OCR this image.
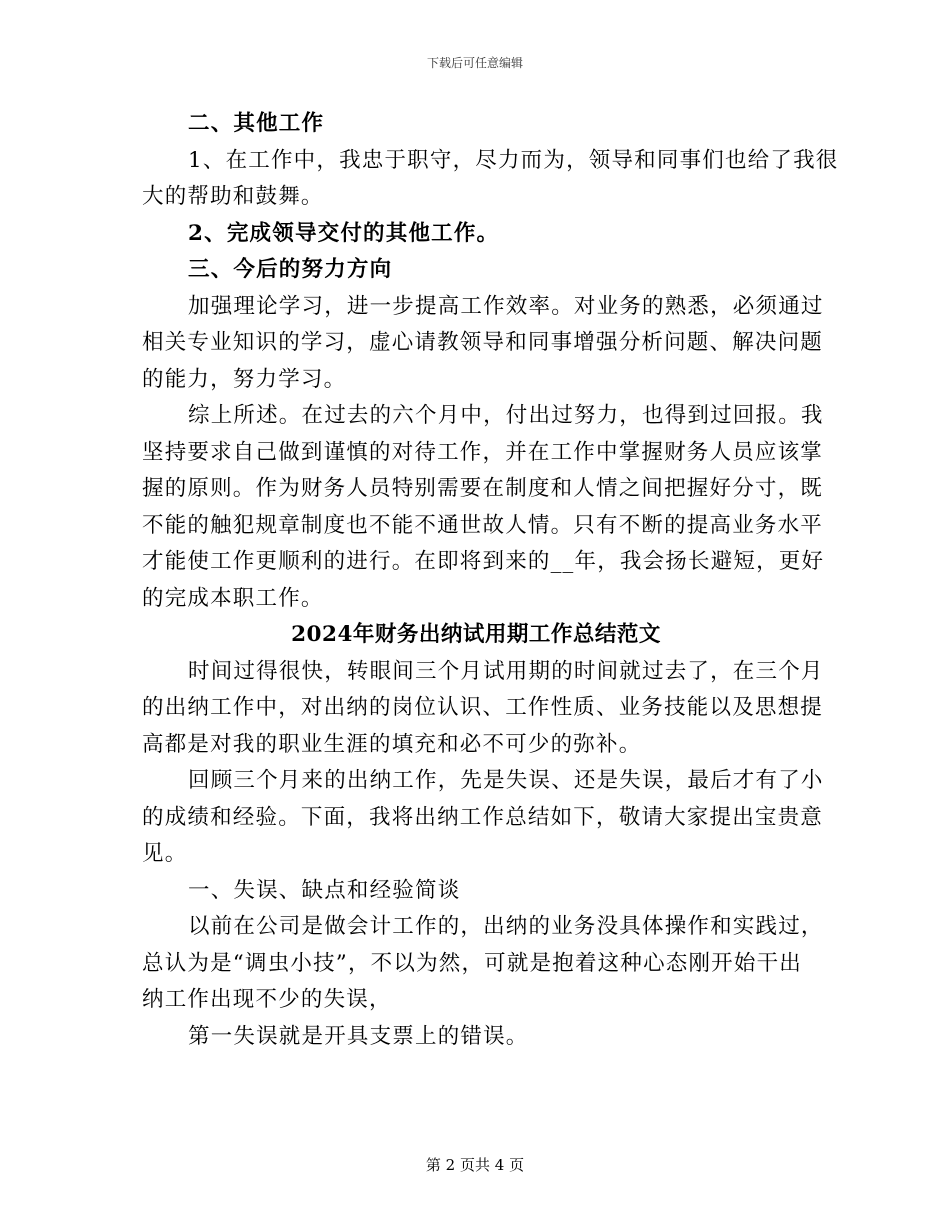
下载后可任意编辑
二、其他工作
1、在工作中，我忠于职守，尽力而为，领导和同事们也给了我很
大的帮助和鼓舞。
2、完成领导交付的其他工作。
三、今后的努力方向
加强理论学习，进一步提高工作效率。对业务的熟悉，必须通过
相关专业知识的学习，虚心请教领导和同事增强分析问题、解决问题
的能力，努力学习。
综上所述。在过去的六个月中，付出过努力，也得到过回报。我
坚持要求自己做到谨慎的对待工作，并在工作中掌握财务人员应该掌
握的原则。作为财务人员特别需要在制度和人情之间把握好分寸，既
不能的触犯规章制度也不能不通世故人情。只有不断的提高业务水平
才能使工作更顺利的进行。在即将到来的__年，我会扬长避短，更好
的完成本职工作。
2024年财务出纳试用期工作总结范文
时间过得很快，转眼间三个月试用期的时间就过去了，在三个月
的出纳工作中，对出纳的岗位认识、工作性质、业务技能以及思想提
高都是对我的职业生涯的填充和必不可少的弥补。
回顾三个月来的出纳工作，先是失误、还是失误，最后才有了小
的成绩和经验。下面，我将出纳工作总结如下，敬请大家提出宝贵意
见。
一、失误、缺点和经验简谈
以前在公司是做会计工作的，出纳的业务没具体操作和实践过，
总认为是“调虫小技”，不以为然，可就是抱着这种心态刚开始干出
纳工作出现不少的失误，
第一失误就是开具支票上的错误。
第 2 页共 4 页
